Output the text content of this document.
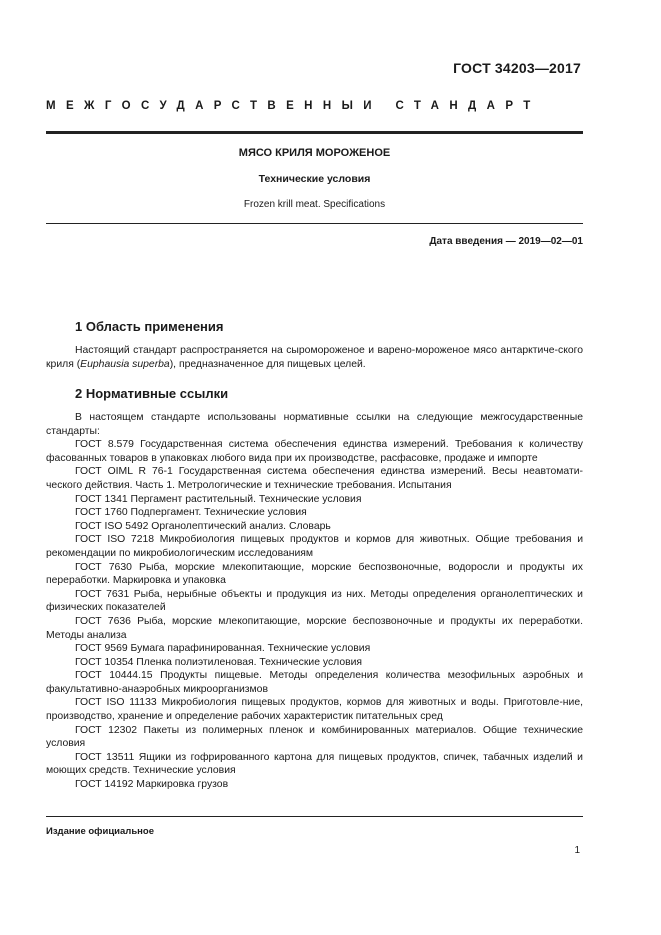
ГОСТ 34203—2017
МЕЖГОСУДАРСТВЕННЫЙ СТАНДАРТ
МЯСО КРИЛЯ МОРОЖЕНОЕ
Технические условия
Frozen krill meat. Specifications
Дата введения — 2019—02—01
1 Область применения
Настоящий стандарт распространяется на сыромороженое и варено-мороженое мясо антарктиче-ского криля (Euphausia superba), предназначенное для пищевых целей.
2 Нормативные ссылки

В настоящем стандарте использованы нормативные ссылки на следующие межгосударственные стандарты:

ГОСТ 8.579 Государственная система обеспечения единства измерений. Требования к количеству фасованных товаров в упаковках любого вида при их производстве, расфасовке, продаже и импорте

ГОСТ OIML R 76-1 Государственная система обеспечения единства измерений. Весы неавтомати-ческого действия. Часть 1. Метрологические и технические требования. Испытания

ГОСТ 1341 Пергамент растительный. Технические условия

ГОСТ 1760 Подпергамент. Технические условия

ГОСТ ISO 5492 Органолептический анализ. Словарь

ГОСТ ISO 7218 Микробиология пищевых продуктов и кормов для животных. Общие требования и рекомендации по микробиологическим исследованиям

ГОСТ 7630 Рыба, морские млекопитающие, морские беспозвоночные, водоросли и продукты их переработки. Маркировка и упаковка

ГОСТ 7631 Рыба, нерыбные объекты и продукция из них. Методы определения органолептических и физических показателей

ГОСТ 7636 Рыба, морские млекопитающие, морские беспозвоночные и продукты их переработки. Методы анализа

ГОСТ 9569 Бумага парафинированная. Технические условия

ГОСТ 10354 Пленка полиэтиленовая. Технические условия

ГОСТ 10444.15 Продукты пищевые. Методы определения количества мезофильных аэробных и факультативно-анаэробных микроорганизмов

ГОСТ ISO 11133 Микробиология пищевых продуктов, кормов для животных и воды. Приготовле-ние, производство, хранение и определение рабочих характеристик питательных сред

ГОСТ 12302 Пакеты из полимерных пленок и комбинированных материалов. Общие технические условия

ГОСТ 13511 Ящики из гофрированного картона для пищевых продуктов, спичек, табачных изделий и моющих средств. Технические условия

ГОСТ 14192 Маркировка грузов

Издание официальное
1
